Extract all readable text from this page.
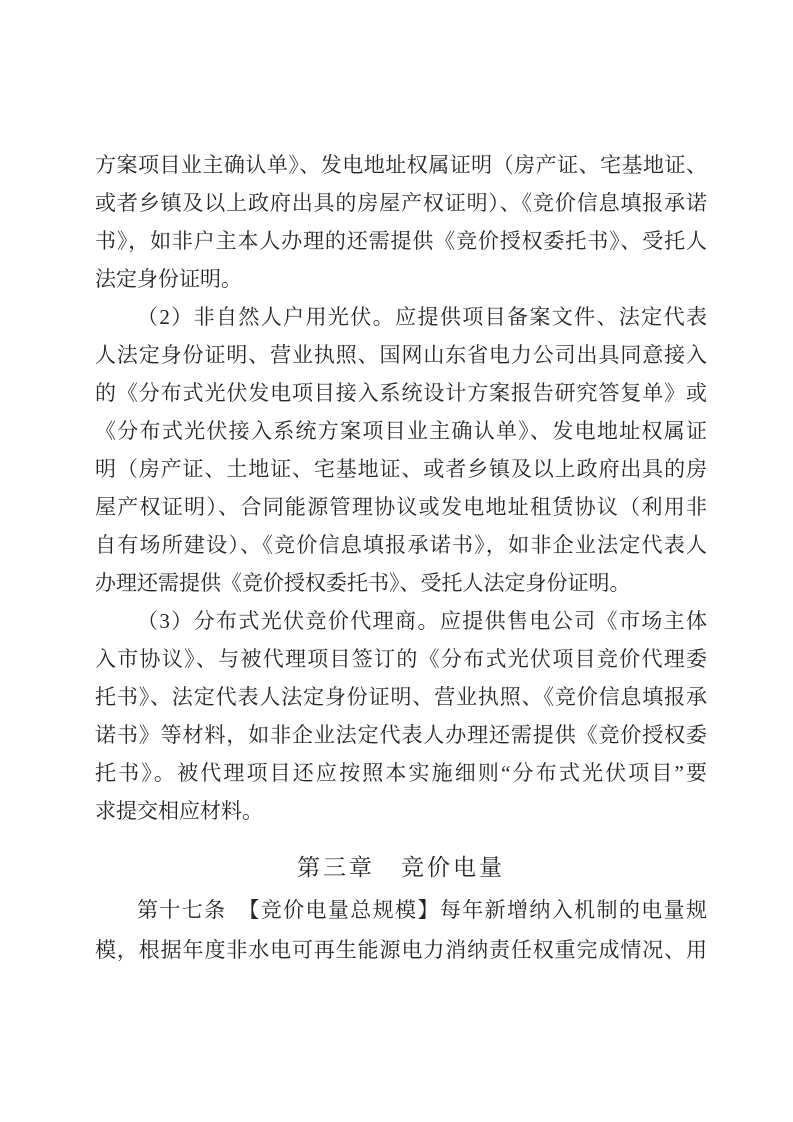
方案项目业主确认单》、发电地址权属证明（房产证、宅基地证、
或者乡镇及以上政府出具的房屋产权证明）、《竞价信息填报承诺
书》，如非户主本人办理的还需提供《竞价授权委托书》、受托人
法定身份证明。
（2）非自然人户用光伏。应提供项目备案文件、法定代表
人法定身份证明、营业执照、国网山东省电力公司出具同意接入
的《分布式光伏发电项目接入系统设计方案报告研究答复单》或
《分布式光伏接入系统方案项目业主确认单》、发电地址权属证
明（房产证、土地证、宅基地证、或者乡镇及以上政府出具的房
屋产权证明）、合同能源管理协议或发电地址租赁协议（利用非
自有场所建设）、《竞价信息填报承诺书》，如非企业法定代表人
办理还需提供《竞价授权委托书》、受托人法定身份证明。
（3）分布式光伏竞价代理商。应提供售电公司《市场主体
入市协议》、与被代理项目签订的《分布式光伏项目竞价代理委
托书》、法定代表人法定身份证明、营业执照、《竞价信息填报承
诺书》等材料，如非企业法定代表人办理还需提供《竞价授权委
托书》。被代理项目还应按照本实施细则“分布式光伏项目”要
求提交相应材料。
第三章　竞价电量
第十七条　【竞价电量总规模】每年新增纳入机制的电量规
模，根据年度非水电可再生能源电力消纳责任权重完成情况、用
